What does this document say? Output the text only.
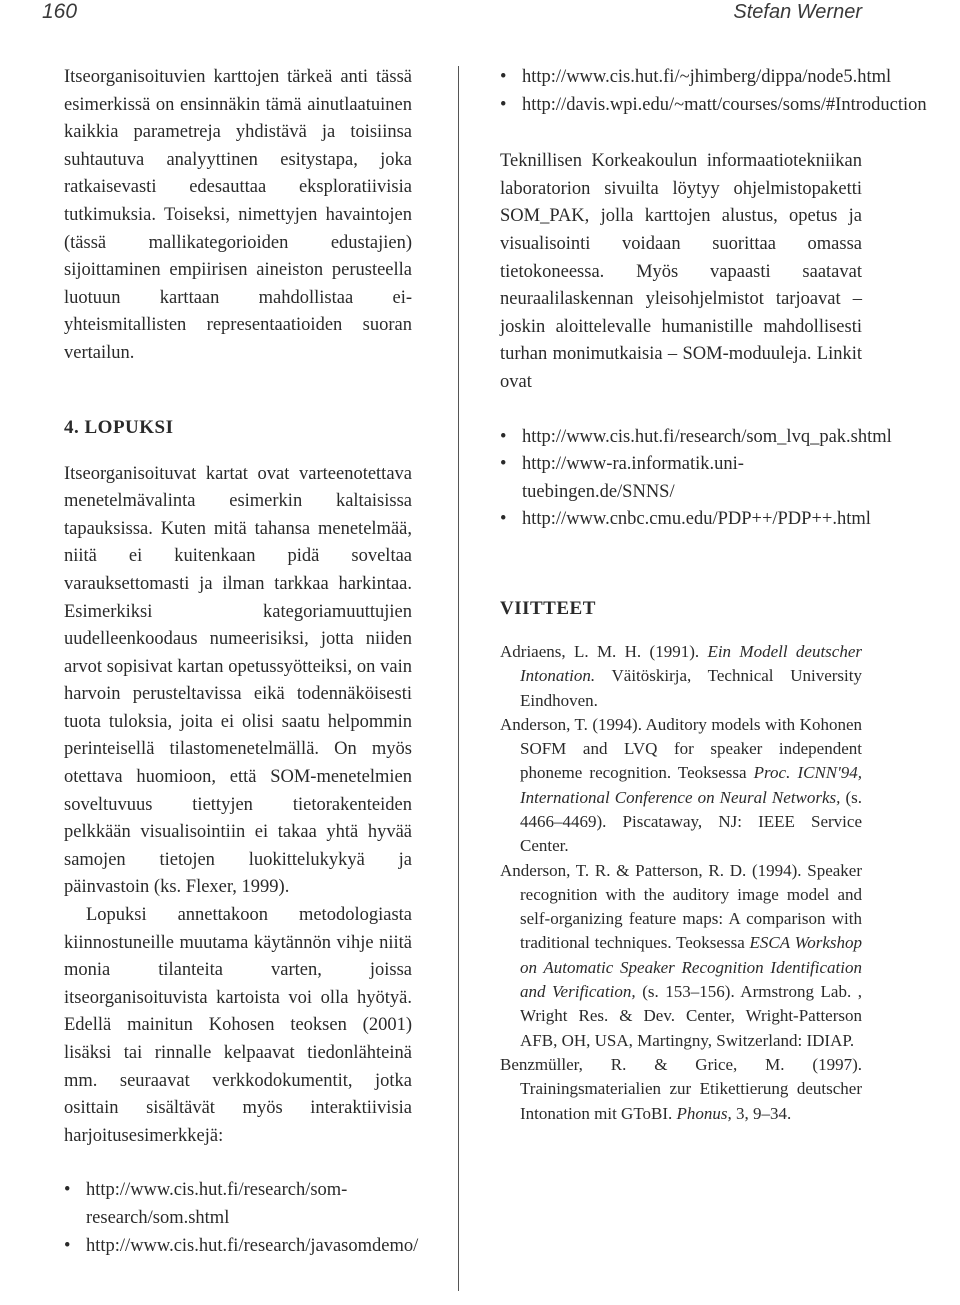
160	Stefan Werner

Itseorganisoituvien karttojen tärkeä anti tässä esimerkissä on ensinnäkin tämä ainutlaatuinen kaikkia parametreja yhdistävä ja toisiinsa suhtautuva analyyttinen esitystapa, joka ratkaisevasti edesauttaa eksploratiivisia tutkimuksia. Toiseksi, nimettyjen havaintojen (tässä mallikategorioiden edustajien) sijoittaminen empiirisen aineiston perusteella luotuun karttaan mahdollistaa ei-yhteismitallisten representaatioiden suoran vertailun.

4. LOPUKSI

Itseorganisoituvat kartat ovat varteenotettava menetelmävalinta esimerkin kaltaisissa tapauksissa. Kuten mitä tahansa menetelmää, niitä ei kuitenkaan pidä soveltaa varauksettomasti ja ilman tarkkaa harkintaa. Esimerkiksi kategoriamuuttujien uudelleenkoodaus numeerisiksi, jotta niiden arvot sopisivat kartan opetussyötteiksi, on vain harvoin perusteltavissa eikä todennäköisesti tuota tuloksia, joita ei olisi saatu helpommin perinteisellä tilastomenetelmällä. On myös otettava huomioon, että SOM-menetelmien soveltuvuus tiettyjen tietorakenteiden pelkkään visualisointiin ei takaa yhtä hyvää samojen tietojen luokittelukykyä ja päinvastoin (ks. Flexer, 1999).

Lopuksi annettakoon metodologiasta kiinnostuneille muutama käytännön vihje niitä monia tilanteita varten, joissa itseorganisoituvista kartoista voi olla hyötyä. Edellä mainitun Kohosen teoksen (2001) lisäksi tai rinnalle kelpaavat tiedonlähteinä mm. seuraavat verkkodokumentit, jotka osittain sisältävät myös interaktiivisia harjoitusesimerkkejä:

• http://www.cis.hut.fi/research/som-research/som.shtml
• http://www.cis.hut.fi/research/javasomdemo/
• http://www.cis.hut.fi/~jhimberg/dippa/node5.html
• http://davis.wpi.edu/~matt/courses/soms/#Introduction

Teknillisen Korkeakoulun informaatiotekniikan laboratorion sivuilta löytyy ohjelmistopaketti SOM_PAK, jolla karttojen alustus, opetus ja visualisointi voidaan suorittaa omassa tietokoneessa. Myös vapaasti saatavat neuraalilaskennan yleisohjelmistot tarjoavat – joskin aloittelevalle humanistille mahdollisesti turhan monimutkaisia – SOM-moduuleja. Linkit ovat

• http://www.cis.hut.fi/research/som_lvq_pak.shtml
• http://www-ra.informatik.uni-tuebingen.de/SNNS/
• http://www.cnbc.cmu.edu/PDP++/PDP++.html
VIITTEET

Adriaens, L. M. H. (1991). Ein Modell deutscher Intonation. Väitöskirja, Technical University Eindhoven.

Anderson, T. (1994). Auditory models with Kohonen SOFM and LVQ for speaker independent phoneme recognition. Teoksessa Proc. ICNN'94, International Conference on Neural Networks, (s. 4466–4469). Piscataway, NJ: IEEE Service Center.

Anderson, T. R. & Patterson, R. D. (1994). Speaker recognition with the auditory image model and self-organizing feature maps: A comparison with traditional techniques. Teoksessa ESCA Workshop on Automatic Speaker Recognition Identification and Verification, (s. 153–156). Armstrong Lab. , Wright Res. & Dev. Center, Wright-Patterson AFB, OH, USA, Martingny, Switzerland: IDIAP.

Benzmüller, R. & Grice, M. (1997). Trainingsmaterialien zur Etikettierung deutscher Intonation mit GToBI. Phonus, 3, 9–34.
